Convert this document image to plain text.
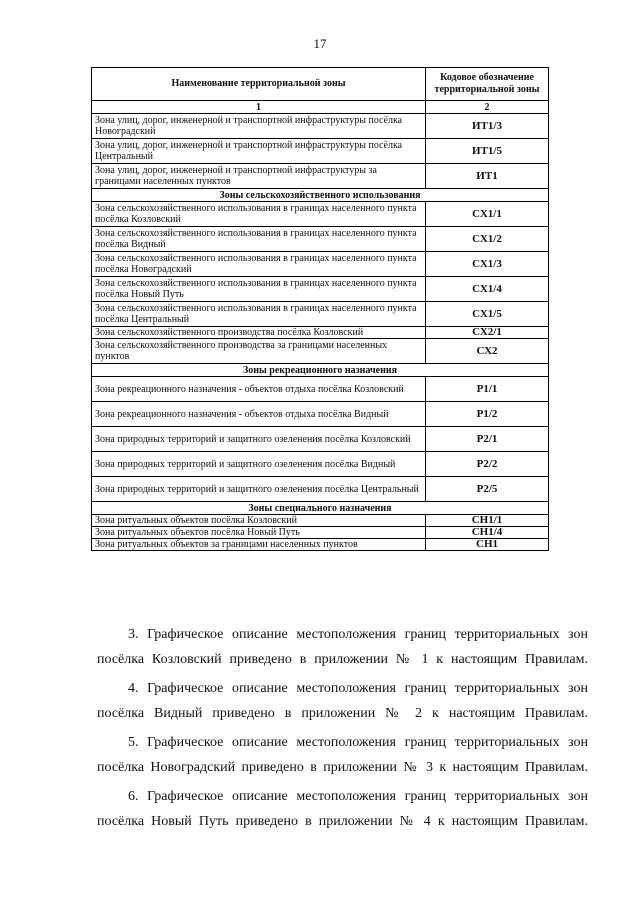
17
Наименование территориальной зоны	Кодовое обозначение территориальной зоны
1	2
Зона улиц, дорог, инженерной и транспортной инфраструктуры посёлка Новоградский	ИТ1/3
Зона улиц, дорог, инженерной и транспортной инфраструктуры посёлка Центральный	ИТ1/5
Зона улиц, дорог, инженерной и транспортной инфраструктуры за границами населенных пунктов	ИТ1
Зоны сельскохозяйственного использования	
Зона сельскохозяйственного использования в границах населенного пункта посёлка Козловский	СХ1/1
Зона сельскохозяйственного использования в границах населенного пункта посёлка Видный	СХ1/2
Зона сельскохозяйственного использования в границах населенного пункта посёлка Новоградский	СХ1/3
Зона сельскохозяйственного использования в границах населенного пункта посёлка Новый Путь	СХ1/4
Зона сельскохозяйственного использования в границах населенного пункта посёлка Центральный	СХ1/5
Зона сельскохозяйственного производства посёлка Козловский	СХ2/1
Зона сельскохозяйственного производства за границами населенных пунктов	СХ2
Зоны рекреационного назначения	
Зона рекреационного назначения - объектов отдыха посёлка Козловский	Р1/1
Зона рекреационного назначения - объектов отдыха посёлка Видный	Р1/2
Зона природных территорий и защитного озеленения посёлка Козловский	Р2/1
Зона природных территорий и защитного озеленения посёлка Видный	Р2/2
Зона природных территорий и защитного озеленения посёлка Центральный	Р2/5
Зоны специального назначения	
Зона ритуальных объектов посёлка Козловский	СН1/1
Зона ритуальных объектов посёлка Новый Путь	СН1/4
Зона ритуальных объектов за границами населенных пунктов	СН1

3. Графическое описание местоположения границ территориальных зон
посёлка Козловский приведено в приложении № 1 к настоящим Правилам.

4. Графическое описание местоположения границ территориальных зон
посёлка Видный приведено в приложении № 2 к настоящим Правилам.

5. Графическое описание местоположения границ территориальных зон
посёлка Новоградский приведено в приложении № 3 к настоящим Правилам.

6. Графическое описание местоположения границ территориальных зон
посёлка Новый Путь приведено в приложении № 4 к настоящим Правилам.
